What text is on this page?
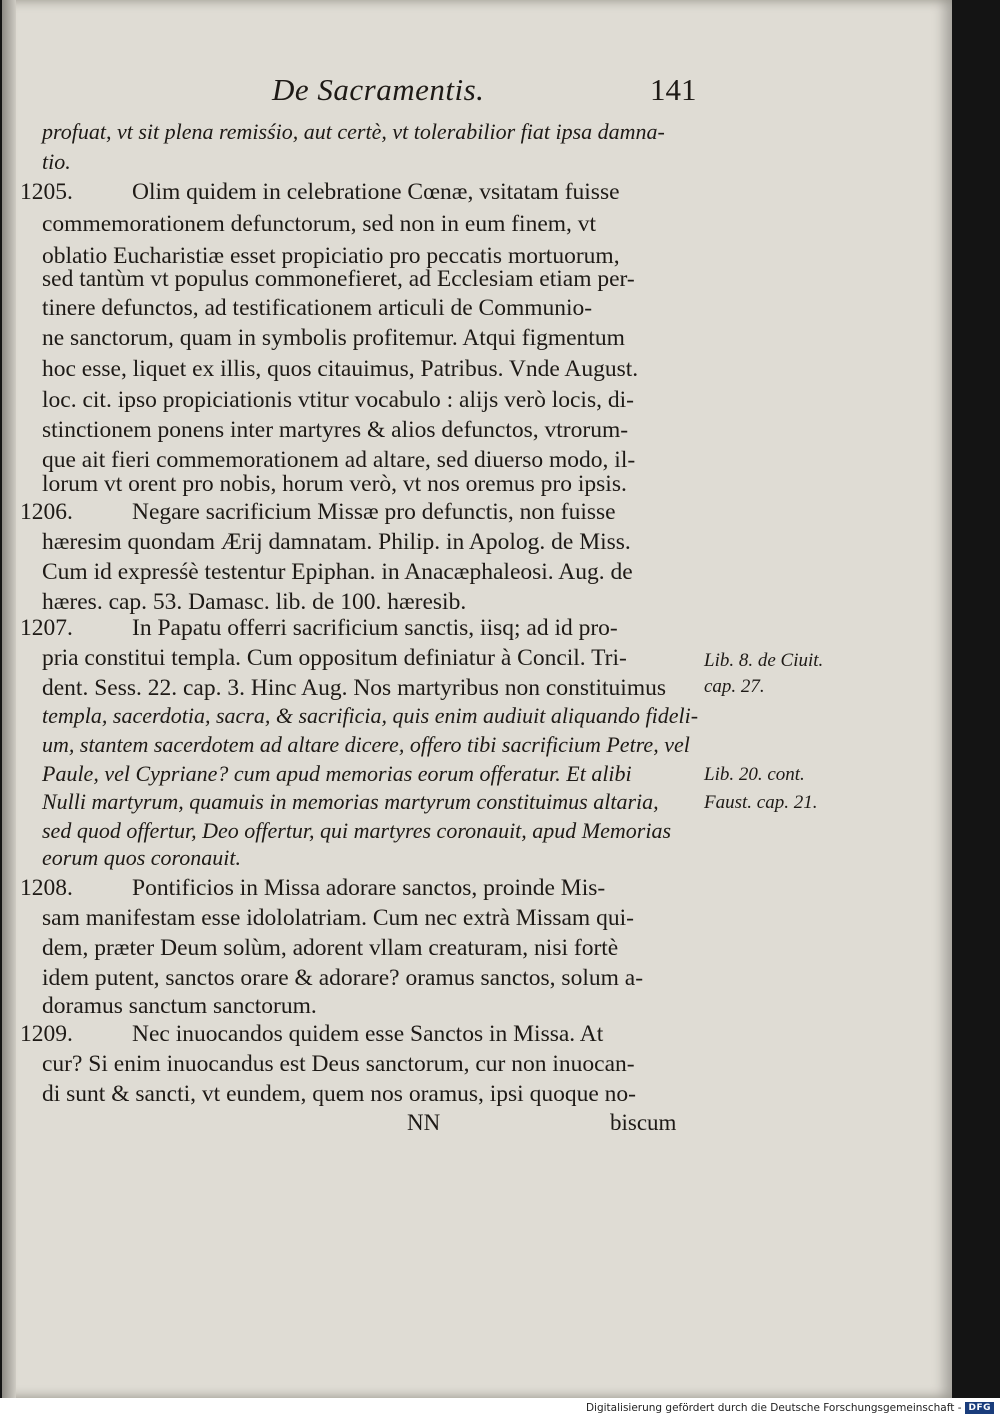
De Sacramentis.	141
profuat, vt sit plena remisśio, aut certè, vt tolerabilior fiat ipsa damna-
tio.
1205.	Olim quidem in celebratione Cœnæ, vsitatam fuisse
commemorationem defunctorum, sed non in eum finem, vt
oblatio Eucharistiæ esset propiciatio pro peccatis mortuorum,
sed tantùm vt populus commonefieret, ad Ecclesiam etiam per-
tinere defunctos, ad testificationem articuli de Communio-
ne sanctorum, quam in symbolis profitemur. Atqui figmentum
hoc esse, liquet ex illis, quos citauimus, Patribus. Vnde August.
loc. cit. ipso propiciationis vtitur vocabulo : alijs verò locis, di-
stinctionem ponens inter martyres & alios defunctos, vtrorum-
que ait fieri commemorationem ad altare, sed diuerso modo, il-
lorum vt orent pro nobis, horum verò, vt nos oremus pro ipsis.
1206.	Negare sacrificium Missæ pro defunctis, non fuisse
hæresim quondam Ærij damnatam. Philip. in Apolog. de Miss.
Cum id expresśè testentur Epiphan. in Anacæphaleosi. Aug. de
hæres. cap. 53. Damasc. lib. de 100. hæresib.
1207.	In Papatu offerri sacrificium sanctis, iisq; ad id pro-
pria constitui templa. Cum oppositum definiatur à Concil. Tri-
dent. Sess. 22. cap. 3. Hinc Aug. Nos martyribus non constituimus
templa, sacerdotia, sacra, & sacrificia, quis enim audiuit aliquando fideli-
um, stantem sacerdotem ad altare dicere, offero tibi sacrificium Petre, vel
Paule, vel Cypriane? cum apud memorias eorum offeratur. Et alibi
Nulli martyrum, quamuis in memorias martyrum constituimus altaria,
sed quod offertur, Deo offertur, qui martyres coronauit, apud Memorias
eorum quos coronauit.
1208.	Pontificios in Missa adorare sanctos, proinde Mis-
sam manifestam esse idololatriam. Cum nec extrà Missam qui-
dem, præter Deum solùm, adorent vllam creaturam, nisi fortè
idem putent, sanctos orare & adorare? oramus sanctos, solum a-
doramus sanctum sanctorum.
1209.	Nec inuocandos quidem esse Sanctos in Missa. At
cur? Si enim inuocandus est Deus sanctorum, cur non inuocan-
di sunt & sancti, vt eundem, quem nos oramus, ipsi quoque no-
Lib. 8. de Ciuit.
cap. 27.
Lib. 20. cont.
Faust. cap. 21.
NN	biscum
Digitalisierung gefördert durch die Deutsche Forschungsgemeinschaft - DFG
